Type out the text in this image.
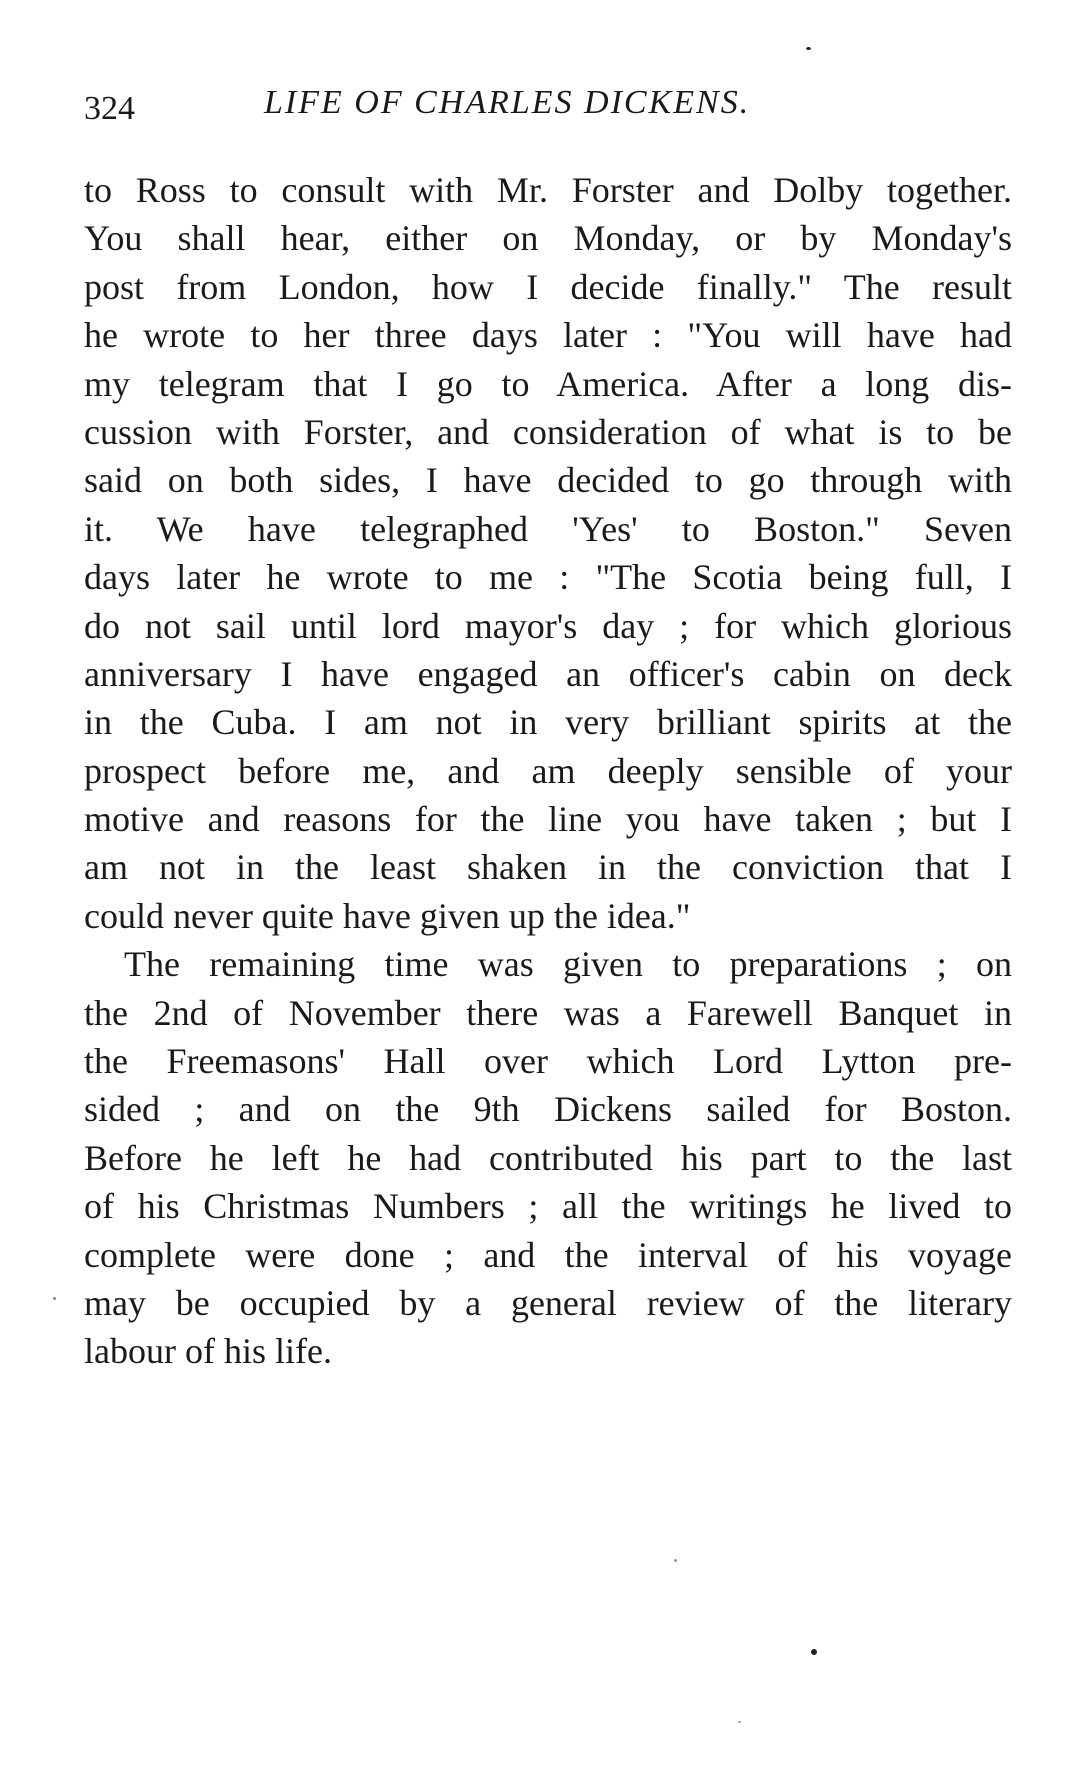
324	LIFE OF CHARLES DICKENS.
to Ross to consult with Mr. Forster and Dolby together.
You shall hear, either on Monday, or by Monday's
post from London, how I decide finally." The result
he wrote to her three days later : "You will have had
my telegram that I go to America. After a long dis-
cussion with Forster, and consideration of what is to be
said on both sides, I have decided to go through with
it. We have telegraphed 'Yes' to Boston." Seven
days later he wrote to me : "The Scotia being full, I
do not sail until lord mayor's day ; for which glorious
anniversary I have engaged an officer's cabin on deck
in the Cuba. I am not in very brilliant spirits at the
prospect before me, and am deeply sensible of your
motive and reasons for the line you have taken ; but I
am not in the least shaken in the conviction that I
could never quite have given up the idea."
The remaining time was given to preparations ; on
the 2nd of November there was a Farewell Banquet in
the Freemasons' Hall over which Lord Lytton pre-
sided ; and on the 9th Dickens sailed for Boston.
Before he left he had contributed his part to the last
of his Christmas Numbers ; all the writings he lived to
complete were done ; and the interval of his voyage
may be occupied by a general review of the literary
labour of his life.
